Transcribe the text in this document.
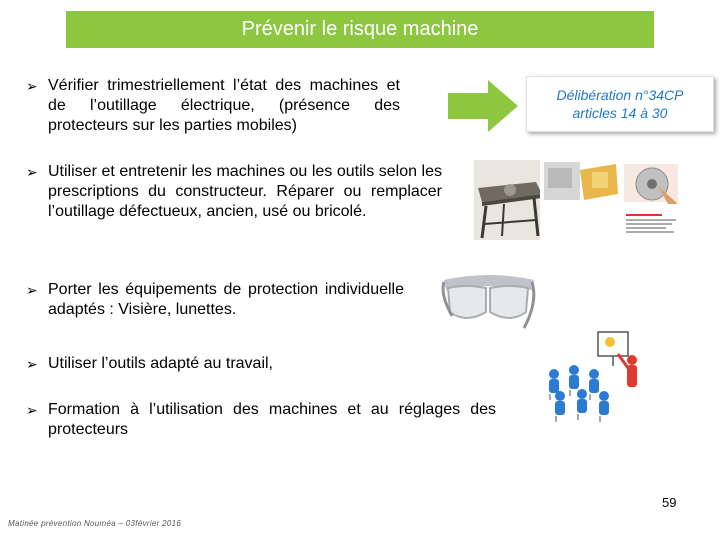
Prévenir le risque machine
➢ Vérifier trimestriellement l’état des machines et de l’outillage électrique, (présence des protecteurs sur les parties mobiles)
Délibération n°34CP
articles 14 à 30
➢ Utiliser et entretenir les machines ou les outils selon les prescriptions du constructeur. Réparer ou remplacer l’outillage défectueux, ancien, usé ou bricolé.
➢ Porter les équipements de protection individuelle adaptés : Visière, lunettes.
➢ Utiliser l’outils adapté au travail,
➢ Formation à l’utilisation des machines et au réglages des protecteurs
59
Matinée prévention Nouméa – 03février 2016
